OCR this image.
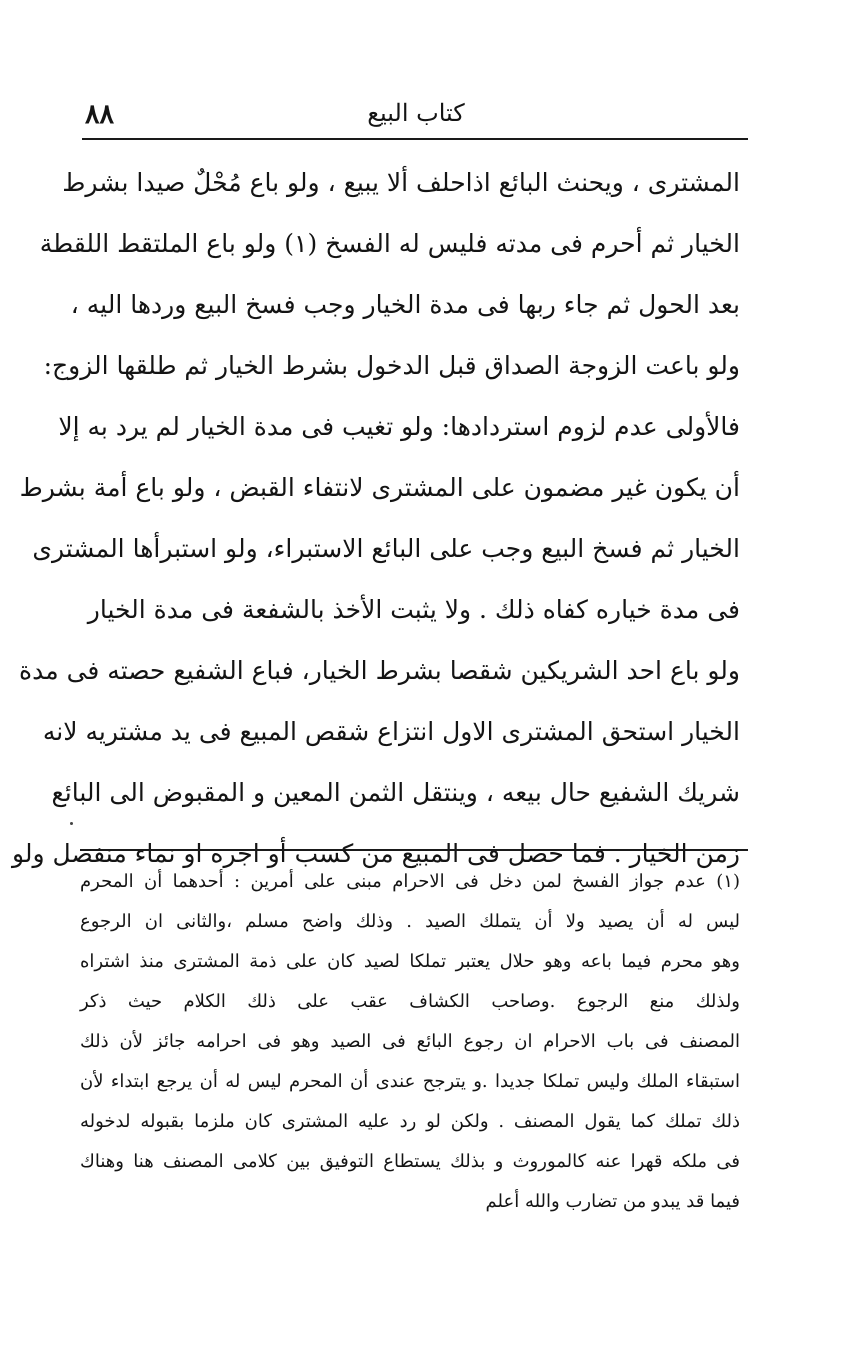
٨٨	كتاب البيع
المشترى ، ويحنث البائع اذاحلف ألا يبيع ، ولو باع مُحْلٌ صيدا بشرط
الخيار ثم أحرم فى مدته فليس له الفسخ (١) ولو باع الملتقط اللقطة
بعد الحول ثم جاء ربها فى مدة الخيار وجب فسخ البيع وردها اليه ،
ولو باعت الزوجة الصداق قبل الدخول بشرط الخيار ثم طلقها الزوج:
فالأولى عدم لزوم استردادها: ولو تغيب فى مدة الخيار لم يرد به إلا
أن يكون غير مضمون على المشترى لانتفاء القبض ، ولو باع أمة بشرط
الخيار ثم فسخ البيع وجب على البائع الاستبراء، ولو استبرأها المشترى
فى مدة خياره كفاه ذلك . ولا يثبت الأخذ بالشفعة فى مدة الخيار
ولو باع احد الشريكين شقصا بشرط الخيار، فباع الشفيع حصته فى مدة
الخيار استحق المشترى الاول انتزاع شقص المبيع فى يد مشتريه لانه
شريك الشفيع حال بيعه ، وينتقل الثمن المعين و المقبوض الى البائع
زمن الخيار . فما حصل فى المبيع من كسب أو اجرة او نماء منفصل ولو
(١) عدم جواز الفسخ لمن دخل فى الاحرام مبنى على أمرين : أحدهما أن المحرم
ليس له أن يصيد ولا أن يتملك الصيد . وذلك واضح مسلم ،والثانى ان الرجوع
وهو محرم فيما باعه وهو حلال يعتبر تملكا لصيد كان على ذمة المشترى منذ اشتراه
ولذلك منع الرجوع .وصاحب الكشاف عقب على ذلك الكلام حيث ذكر
المصنف فى باب الاحرام ان رجوع البائع فى الصيد وهو فى احرامه جائز لأن ذلك
استبقاء الملك وليس تملكا جديدا .و يترجح عندى أن المحرم ليس له أن يرجع ابتداء لأن
ذلك تملك كما يقول المصنف . ولكن لو رد عليه المشترى كان ملزما بقبوله لدخوله
فى ملكه قهرا عنه كالموروث و بذلك يستطاع التوفيق بين كلامى المصنف هنا وهناك
فيما قد يبدو من تضارب والله أعلم
